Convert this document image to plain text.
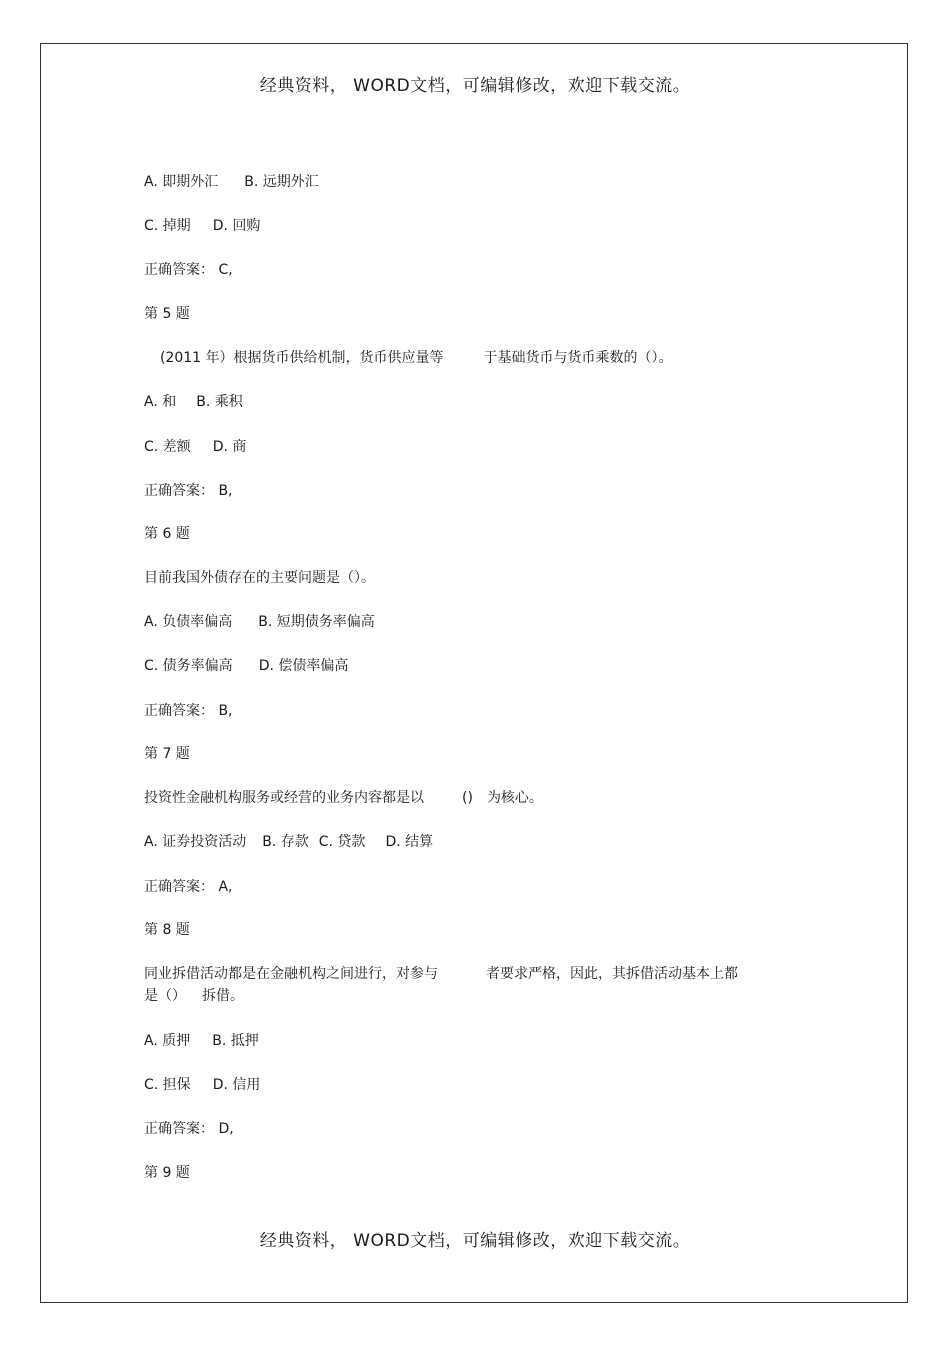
经典资料， WORD文档，可编辑修改，欢迎下载交流。
A. 即期外汇 B. 远期外汇
C. 掉期 D. 回购
正确答案： C,
第 5 题
(2011 年）根据货币供给机制，货币供应量等	于基础货币与货币乘数的（）。
A. 和 B. 乘积
C. 差额 D. 商
正确答案： B,
第 6 题
目前我国外债存在的主要问题是（）。
A. 负债率偏高 B. 短期债务率偏高
C. 债务率偏高 D. 偿债率偏高
正确答案： B,
第 7 题
投资性金融机构服务或经营的业务内容都是以	() 为核心。
A. 证券投资活动 B. 存款 C. 贷款 D. 结算
正确答案： A,
第 8 题
同业拆借活动都是在金融机构之间进行，对参与	者要求严格，因此，其拆借活动基本上都
是（） 拆借。
A. 质押 B. 抵押
C. 担保 D. 信用
正确答案： D,
第 9 题
经典资料， WORD文档，可编辑修改，欢迎下载交流。
